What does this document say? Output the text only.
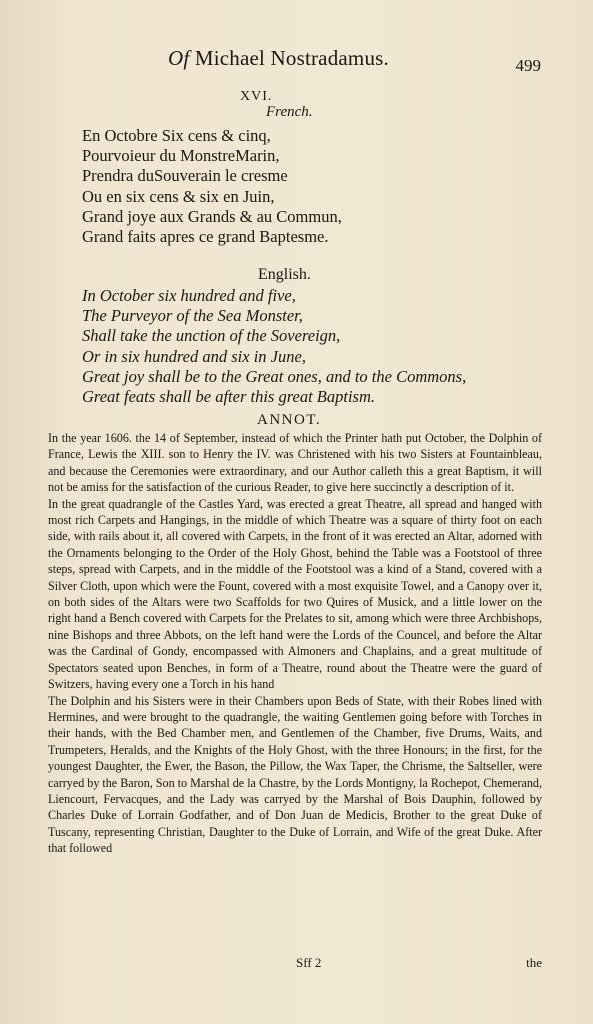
Of Michael Nostradamus.	499
XVI.
French.
En Octobre Six cens & cinq,
Pourvoieur du MonstreMarin,
Prendra duSouverain le cresme
Ou en six cens & six en Juin,
Grand joye aux Grands & au Commun,
Grand faits apres ce grand Baptesme.
English.
In October six hundred and five,
The Purveyor of the Sea Monster,
Shall take the unction of the Sovereign,
Or in six hundred and six in June,
Great joy shall be to the Great ones, and to the Commons,
Great feats shall be after this great Baptism.
ANNOT.

In the year 1606. the 14 of September, instead of which the Printer hath put October, the Dolphin of France, Lewis the XIII. son to Henry the IV. was Christened with his two Sisters at Fountainbleau, and because the Ceremonies were extraordinary, and our Author calleth this a great Baptism, it will not be amiss for the satisfaction of the curious Reader, to give here succinctly a description of it.

In the great quadrangle of the Castles Yard, was erected a great Theatre, all spread and hanged with most rich Carpets and Hangings, in the middle of which Theatre was a square of thirty foot on each side, with rails about it, all covered with Carpets, in the front of it was erected an Altar, adorned with the Ornaments belonging to the Order of the Holy Ghost, behind the Table was a Footstool of three steps, spread with Carpets, and in the middle of the Footstool was a kind of a Stand, covered with a Silver Cloth, upon which were the Fount, covered with a most exquisite Towel, and a Canopy over it, on both sides of the Altars were two Scaffolds for two Quires of Musick, and a little lower on the right hand a Bench covered with Carpets for the Prelates to sit, among which were three Archbishops, nine Bishops and three Abbots, on the left hand were the Lords of the Councel, and before the Altar was the Cardinal of Gondy, encompassed with Almoners and Chaplains, and a great multitude of Spectators seated upon Benches, in form of a Theatre, round about the Theatre were the guard of Switzers, having every one a Torch in his hand

The Dolphin and his Sisters were in their Chambers upon Beds of State, with their Robes lined with Hermines, and were brought to the quadrangle, the waiting Gentlemen going before with Torches in their hands, with the Bed Chamber men, and Gentlemen of the Chamber, five Drums, Waits, and Trumpeters, Heralds, and the Knights of the Holy Ghost, with the three Honours; in the first, for the youngest Daughter, the Ewer, the Bason, the Pillow, the Wax Taper, the Chrisme, the Saltseller, were carryed by the Baron, Son to Marshal de la Chastre, by the Lords Montigny, la Rochepot, Chemerand, Liencourt, Fervacques, and the Lady was carryed by the Marshal of Bois Dauphin, followed by Charles Duke of Lorrain Godfather, and of Don Juan de Medicis, Brother to the great Duke of Tuscany, representing Christian, Daughter to the Duke of Lorrain, and Wife of the great Duke. After that followed

Sff 2	the
